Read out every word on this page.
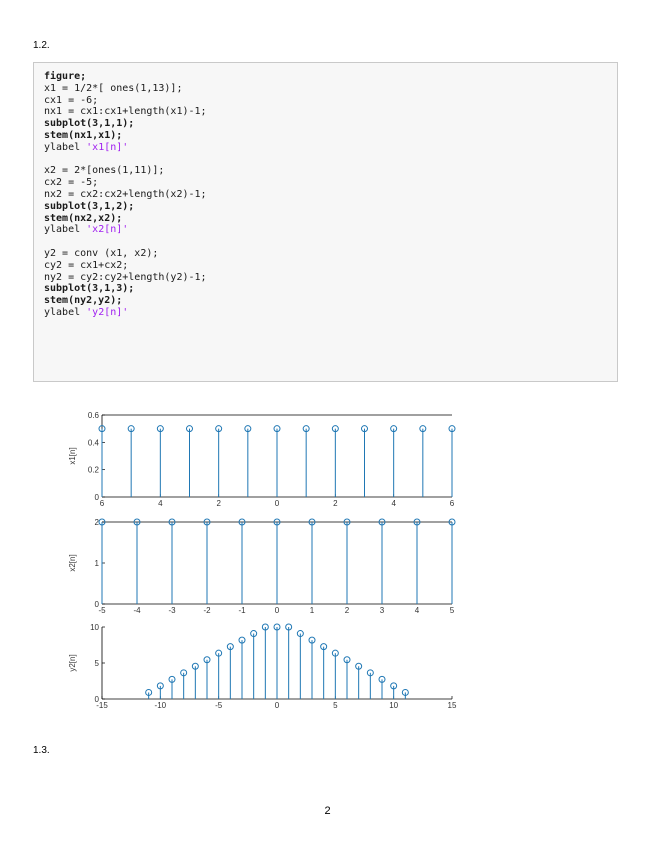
1.2.
figure;
x1 = 1/2*[ ones(1,13)];
cx1 = -6;
nx1 = cx1:cx1+length(x1)-1;
subplot(3,1,1);
stem(nx1,x1);
ylabel 'x1[n]'
x2 = 2*[ones(1,11)];
cx2 = -5;
nx2 = cx2:cx2+length(x2)-1;
subplot(3,1,2);
stem(nx2,x2);
ylabel 'x2[n]'
y2 = conv (x1, x2);
cy2 = cx1+cx2;
ny2 = cy2:cy2+length(y2)-1;
subplot(3,1,3);
stem(ny2,y2);
ylabel 'y2[n]'
0
0.2
0.4
0.6
6	4	2	0	2	4	6
x1[n]
0
1
2
-5	-4	-3	-2	-1	0	1	2	3	4	5
x2[n]
0
5
10
-15	-10	-5	0	5	10	15
y2[n]
1.3.
2
